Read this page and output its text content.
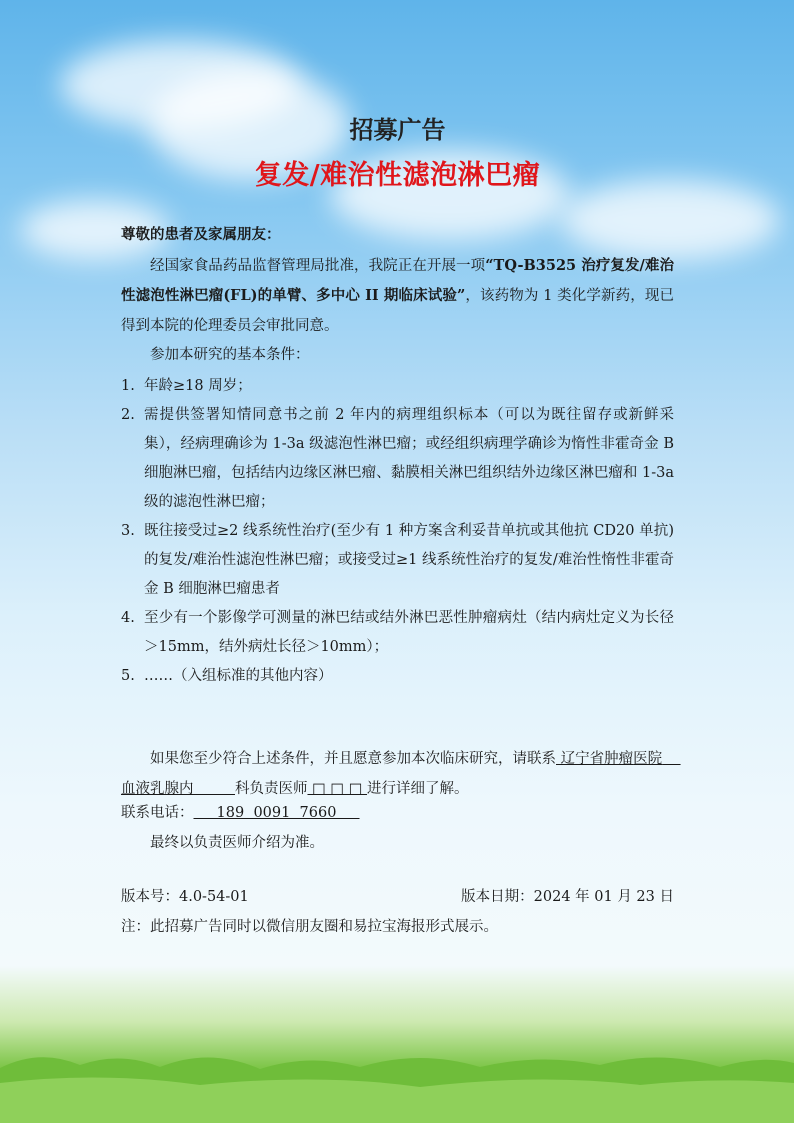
招募广告
复发/难治性滤泡淋巴瘤
尊敬的患者及家属朋友：

经国家食品药品监督管理局批准，我院正在开展一项“TQ-B3525 治疗复发/难治性滤泡性淋巴瘤(FL)的单臂、多中心 II 期临床试验”，该药物为 1 类化学新药，现已得到本院的伦理委员会审批同意。

参加本研究的基本条件：
1. 年龄≥18 周岁；
2. 需提供签署知情同意书之前 2 年内的病理组织标本（可以为既往留存或新鲜采集），经病理确诊为 1-3a 级滤泡性淋巴瘤；或经组织病理学确诊为惰性非霍奇金 B 细胞淋巴瘤，包括结内边缘区淋巴瘤、黏膜相关淋巴组织结外边缘区淋巴瘤和 1-3a 级的滤泡性淋巴瘤；
3. 既往接受过≥2 线系统性治疗(至少有 1 种方案含利妥昔单抗或其他抗 CD20 单抗)的复发/难治性滤泡性淋巴瘤；或接受过≥1 线系统性治疗的复发/难治性惰性非霍奇金 B 细胞淋巴瘤患者
4. 至少有一个影像学可测量的淋巴结或结外淋巴恶性肿瘤病灶（结内病灶定义为长径＞15mm，结外病灶长径＞10mm）；
5. ……（入组标准的其他内容）

如果您至少符合上述条件，并且愿意参加本次临床研究，请联系 辽宁省肿瘤医院    血液乳腺内         科负责医师 □ □ □ 进行详细了解。

联系电话：     189  0091  7660
最终以负责医师介绍为准。
版本号：4.0-54-01	版本日期：2024 年 01 月 23 日
注：此招募广告同时以微信朋友圈和易拉宝海报形式展示。
